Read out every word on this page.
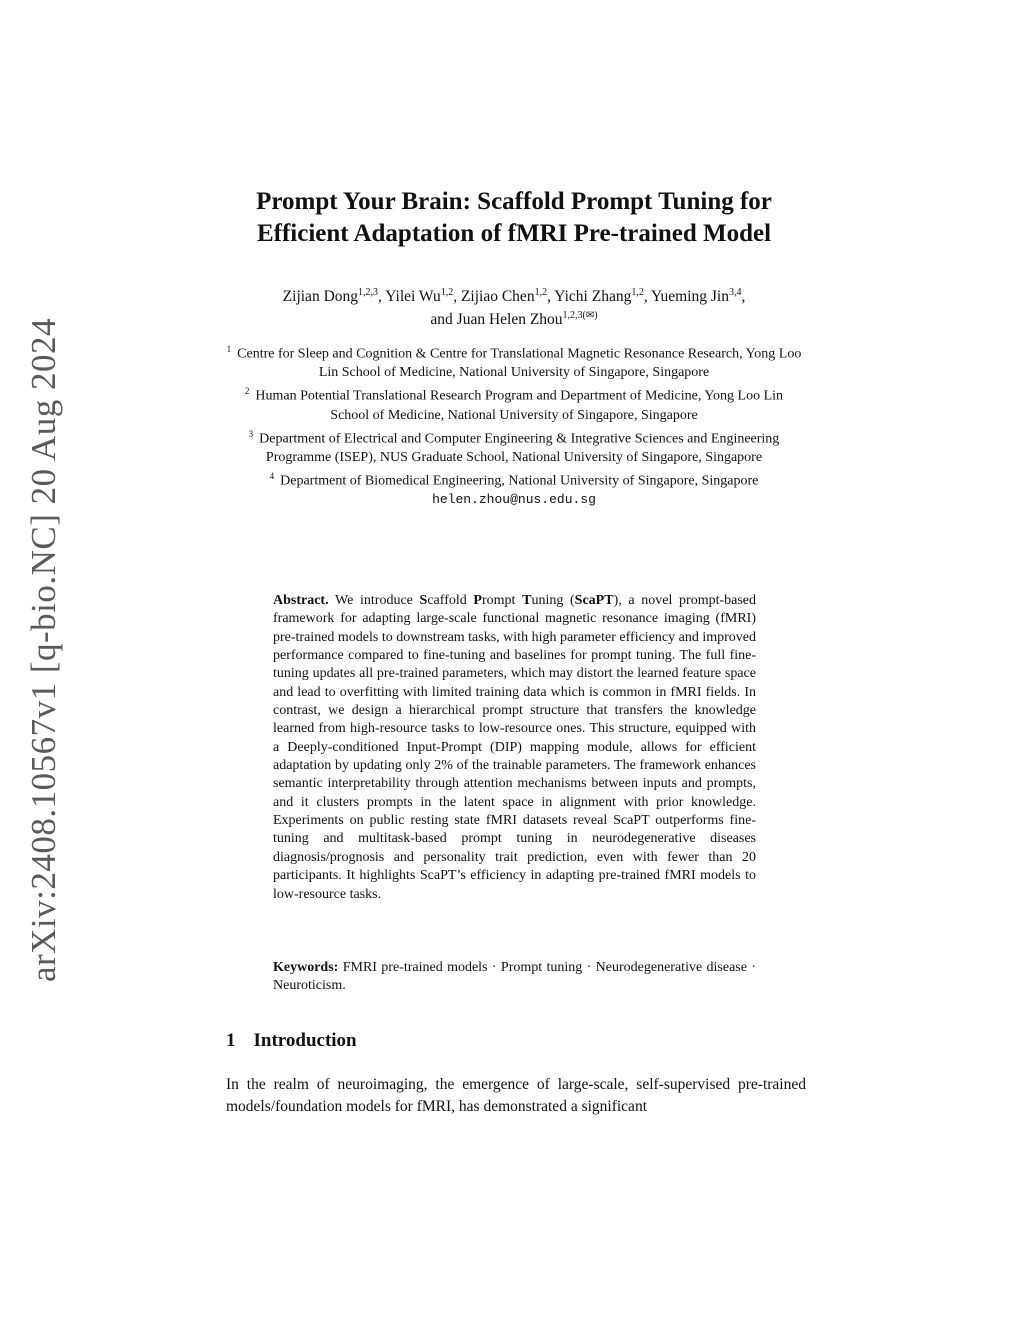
arXiv:2408.10567v1 [q-bio.NC] 20 Aug 2024
Prompt Your Brain: Scaffold Prompt Tuning for
Efficient Adaptation of fMRI Pre-trained Model
Zijian Dong$^{1,2,3}$, Yilei Wu$^{1,2}$, Zijiao Chen$^{1,2}$, Yichi Zhang$^{1,2}$, Yueming Jin$^{3,4}$,
and Juan Helen Zhou$^{1,2,3(✉)}$
$^1$ Centre for Sleep and Cognition & Centre for Translational Magnetic Resonance Research, Yong Loo Lin School of Medicine, National University of Singapore, Singapore
$^2$ Human Potential Translational Research Program and Department of Medicine, Yong Loo Lin School of Medicine, National University of Singapore, Singapore
$^3$ Department of Electrical and Computer Engineering & Integrative Sciences and Engineering Programme (ISEP), NUS Graduate School, National University of Singapore, Singapore
$^4$ Department of Biomedical Engineering, National University of Singapore, Singapore
helen.zhou@nus.edu.sg
Abstract. We introduce Scaffold Prompt Tuning (ScaPT), a novel prompt-based framework for adapting large-scale functional magnetic resonance imaging (fMRI) pre-trained models to downstream tasks, with high parameter efficiency and improved performance compared to fine-tuning and baselines for prompt tuning. The full fine-tuning updates all pre-trained parameters, which may distort the learned feature space and lead to overfitting with limited training data which is common in fMRI fields. In contrast, we design a hierarchical prompt structure that transfers the knowledge learned from high-resource tasks to low-resource ones. This structure, equipped with a Deeply-conditioned Input-Prompt (DIP) mapping module, allows for efficient adaptation by updating only 2% of the trainable parameters. The framework enhances semantic interpretability through attention mechanisms between inputs and prompts, and it clusters prompts in the latent space in alignment with prior knowledge. Experiments on public resting state fMRI datasets reveal ScaPT outperforms fine-tuning and multitask-based prompt tuning in neurodegenerative diseases diagnosis/prognosis and personality trait prediction, even with fewer than 20 participants. It highlights ScaPT’s efficiency in adapting pre-trained fMRI models to low-resource tasks.
Keywords: FMRI pre-trained models · Prompt tuning · Neurodegenerative disease · Neuroticism.
1 Introduction
In the realm of neuroimaging, the emergence of large-scale, self-supervised pre-trained models/foundation models for fMRI, has demonstrated a significant
